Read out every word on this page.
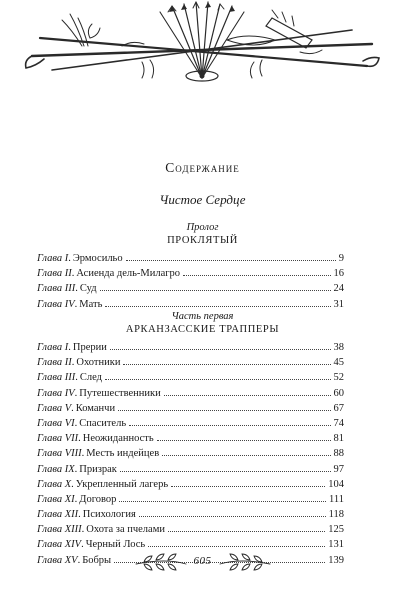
Содержание
Чистое Сердце
Пролог
ПРОКЛЯТЫЙ
Глава I . Эрмосильо	9
Глава II . Асиенда дель-Милагро	16
Глава III . Суд	24
Глава IV . Мать	31
Часть первая
АРКАНЗАССКИЕ ТРАППЕРЫ
Глава I . Прерии	38
Глава II . Охотники	45
Глава III . След	52
Глава IV . Путешественники	60
Глава V . Команчи	67
Глава VI . Спаситель	74
Глава VII . Неожиданность	81
Глава VIII . Месть индейцев	88
Глава IX . Призрак	97
Глава X . Укрепленный лагерь	104
Глава XI . Договор	111
Глава XII . Психология	118
Глава XIII . Охота за пчелами	125
Глава XIV . Черный Лось	131
Глава XV . Бобры	139
605
